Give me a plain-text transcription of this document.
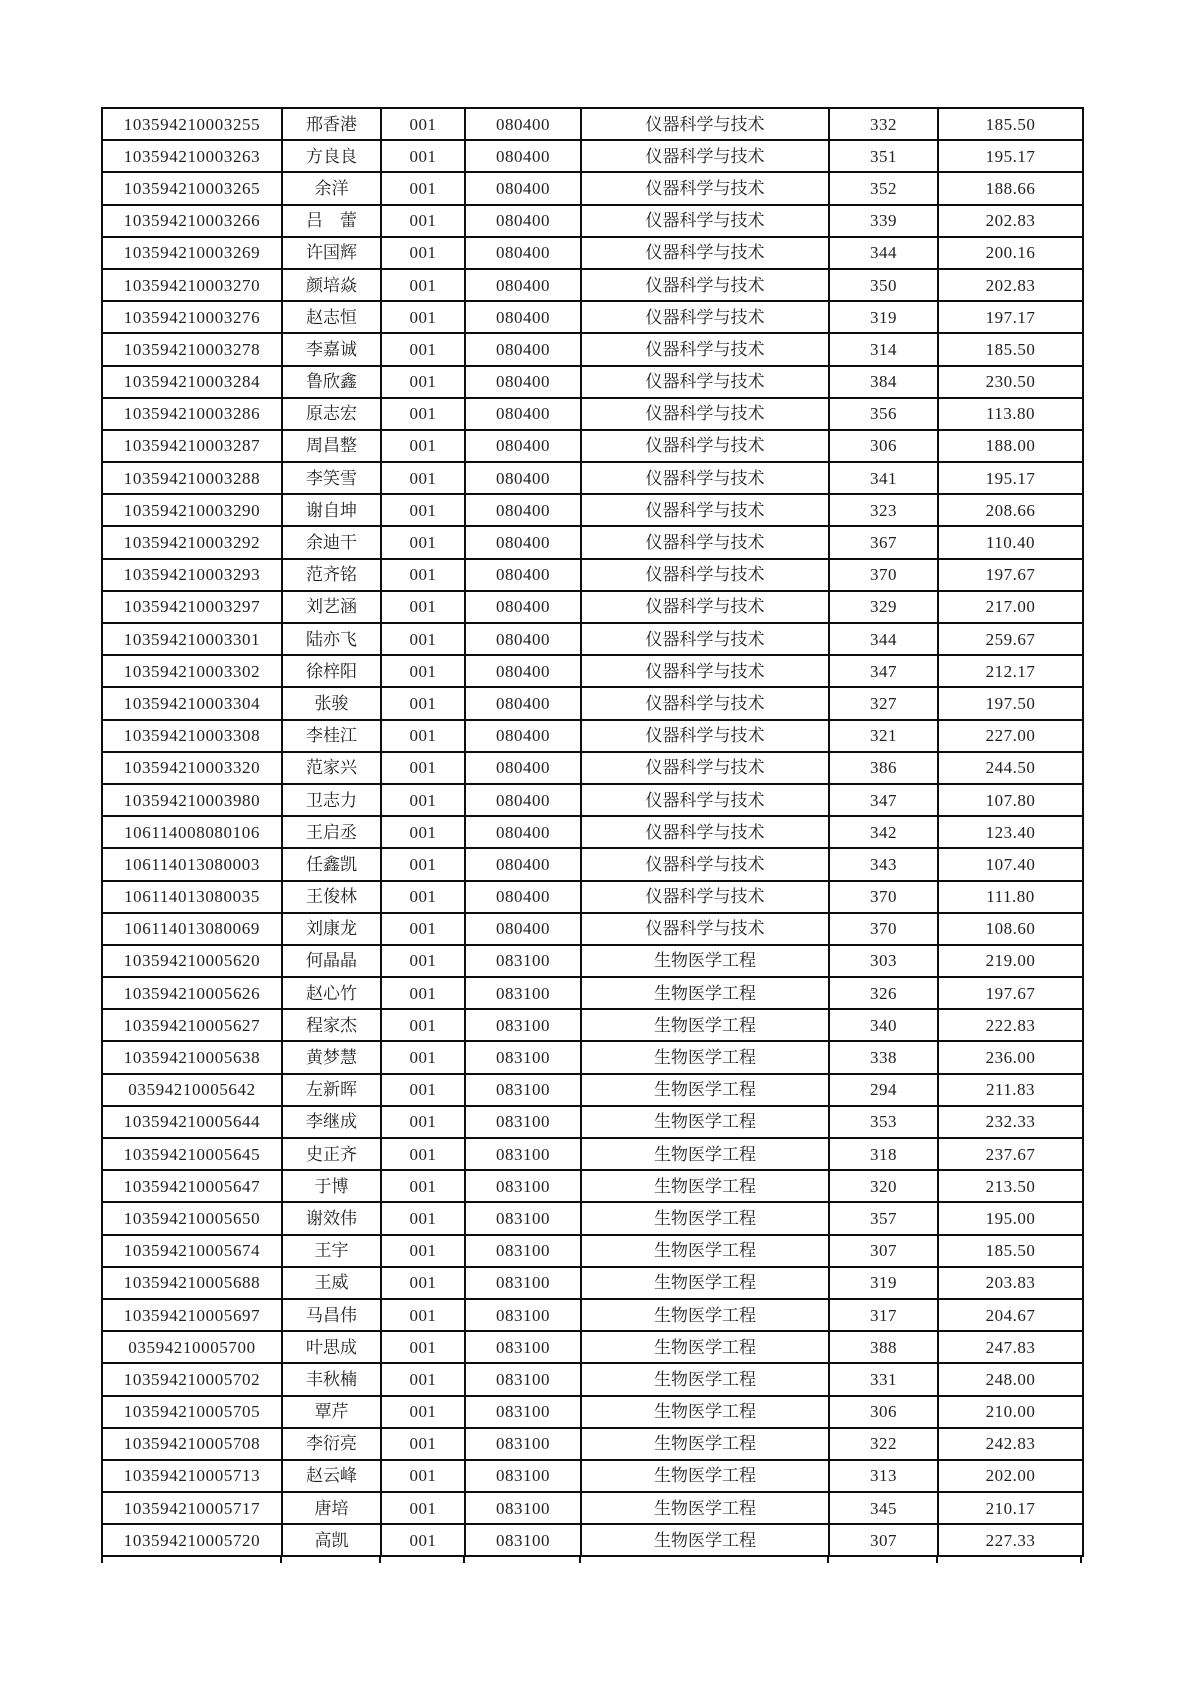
103594210003255	邢香港	001	080400	仪器科学与技术	332	185.50
103594210003263	方良良	001	080400	仪器科学与技术	351	195.17
103594210003265	余洋	001	080400	仪器科学与技术	352	188.66
103594210003266	吕　蕾	001	080400	仪器科学与技术	339	202.83
103594210003269	许国辉	001	080400	仪器科学与技术	344	200.16
103594210003270	颜培焱	001	080400	仪器科学与技术	350	202.83
103594210003276	赵志恒	001	080400	仪器科学与技术	319	197.17
103594210003278	李嘉诚	001	080400	仪器科学与技术	314	185.50
103594210003284	鲁欣鑫	001	080400	仪器科学与技术	384	230.50
103594210003286	原志宏	001	080400	仪器科学与技术	356	113.80
103594210003287	周昌整	001	080400	仪器科学与技术	306	188.00
103594210003288	李笑雪	001	080400	仪器科学与技术	341	195.17
103594210003290	谢自坤	001	080400	仪器科学与技术	323	208.66
103594210003292	余迪干	001	080400	仪器科学与技术	367	110.40
103594210003293	范齐铭	001	080400	仪器科学与技术	370	197.67
103594210003297	刘艺涵	001	080400	仪器科学与技术	329	217.00
103594210003301	陆亦飞	001	080400	仪器科学与技术	344	259.67
103594210003302	徐梓阳	001	080400	仪器科学与技术	347	212.17
103594210003304	张骏	001	080400	仪器科学与技术	327	197.50
103594210003308	李桂江	001	080400	仪器科学与技术	321	227.00
103594210003320	范家兴	001	080400	仪器科学与技术	386	244.50
103594210003980	卫志力	001	080400	仪器科学与技术	347	107.80
106114008080106	王启丞	001	080400	仪器科学与技术	342	123.40
106114013080003	任鑫凯	001	080400	仪器科学与技术	343	107.40
106114013080035	王俊林	001	080400	仪器科学与技术	370	111.80
106114013080069	刘康龙	001	080400	仪器科学与技术	370	108.60
103594210005620	何晶晶	001	083100	生物医学工程	303	219.00
103594210005626	赵心竹	001	083100	生物医学工程	326	197.67
103594210005627	程家杰	001	083100	生物医学工程	340	222.83
103594210005638	黄梦慧	001	083100	生物医学工程	338	236.00
03594210005642	左新晖	001	083100	生物医学工程	294	211.83
103594210005644	李继成	001	083100	生物医学工程	353	232.33
103594210005645	史正齐	001	083100	生物医学工程	318	237.67
103594210005647	于博	001	083100	生物医学工程	320	213.50
103594210005650	谢效伟	001	083100	生物医学工程	357	195.00
103594210005674	王宇	001	083100	生物医学工程	307	185.50
103594210005688	王威	001	083100	生物医学工程	319	203.83
103594210005697	马昌伟	001	083100	生物医学工程	317	204.67
03594210005700	叶思成	001	083100	生物医学工程	388	247.83
103594210005702	丰秋楠	001	083100	生物医学工程	331	248.00
103594210005705	覃芹	001	083100	生物医学工程	306	210.00
103594210005708	李衍亮	001	083100	生物医学工程	322	242.83
103594210005713	赵云峰	001	083100	生物医学工程	313	202.00
103594210005717	唐培	001	083100	生物医学工程	345	210.17
103594210005720	高凯	001	083100	生物医学工程	307	227.33
